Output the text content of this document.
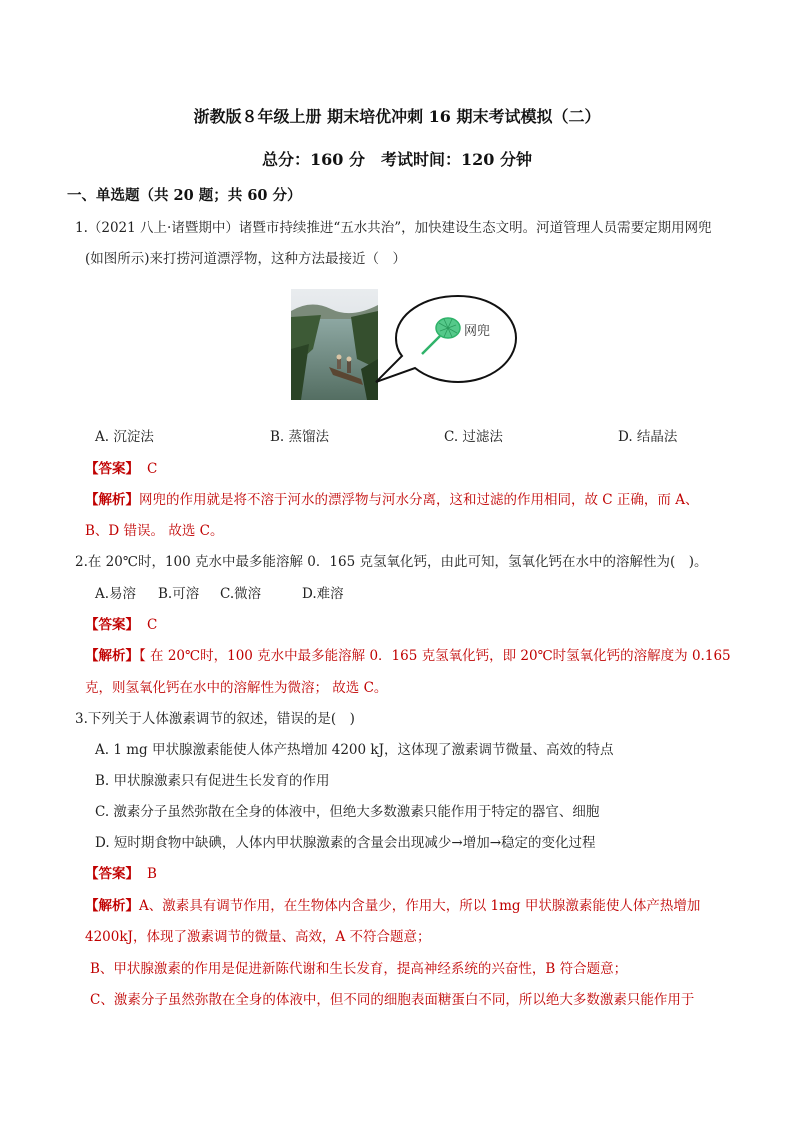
浙教版８年级上册 期末培优冲刺 16 期末考试模拟（二）
总分：160 分　考试时间：120 分钟
一、单选题（共 20 题；共 60 分）
1.（2021 八上·诸暨期中）诸暨市持续推进“五水共治”，加快建设生态文明。河道管理人员需要定期用网兜
(如图所示)来打捞河道漂浮物，这种方法最接近（　）
网兜
A. 沉淀法	B. 蒸馏法	C. 过滤法	D. 结晶法
【答案】 C
【解析】网兜的作用就是将不溶于河水的漂浮物与河水分离，这和过滤的作用相同，故 C 正确，而 A、
B、D 错误。 故选 C。
2.在 20℃时，100 克水中最多能溶解 0．165 克氢氧化钙，由此可知，氢氧化钙在水中的溶解性为(　)。
A.易溶 B.可溶 C.微溶	D.难溶
【答案】 C
【解析】【 在 20℃时，100 克水中最多能溶解 0．165 克氢氧化钙，即 20℃时氢氧化钙的溶解度为 0.165
克，则氢氧化钙在水中的溶解性为微溶； 故选 C。
3.下列关于人体激素调节的叙述，错误的是(　)
A. 1 mg 甲状腺激素能使人体产热增加 4200 kJ，这体现了激素调节微量、高效的特点
B. 甲状腺激素只有促进生长发育的作用
C. 激素分子虽然弥散在全身的体液中，但绝大多数激素只能作用于特定的器官、细胞
D. 短时期食物中缺碘，人体内甲状腺激素的含量会出现减少→增加→稳定的变化过程
【答案】 B
【解析】A、激素具有调节作用，在生物体内含量少，作用大，所以 1mg 甲状腺激素能使人体产热增加
4200kJ，体现了激素调节的微量、高效，A 不符合题意；
B、甲状腺激素的作用是促进新陈代谢和生长发育，提高神经系统的兴奋性，B 符合题意；
C、激素分子虽然弥散在全身的体液中，但不同的细胞表面糖蛋白不同，所以绝大多数激素只能作用于
